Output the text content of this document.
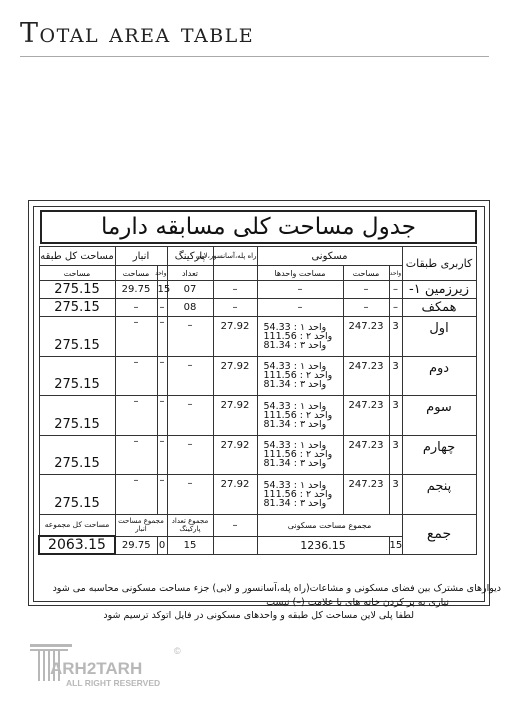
Total area table
جدول مساحت کلی مسابقه دارما
مساحت کل طبقه	انبار		پارکینگ	راه پله،آسانسور،لابی	مسکونی			کاربری طبقات
مساحت	مساحت	واحد	تعداد		مساحت واحدها	مساحت	واحد	
275.15	29.75	15	07	–	–	–	–	زیرزمین ۱-
275.15	–	–	08	–	–	–	–	همکف
275.15	–	–	–	27.92	واحد ۱ : 54.33
واحد ۲ : 111.56
واحد ۳ : 81.34	247.23	3	اول
275.15	–	–	–	27.92	واحد ۱ : 54.33
واحد ۲ : 111.56
واحد ۳ : 81.34	247.23	3	دوم
275.15	–	–	–	27.92	واحد ۱ : 54.33
واحد ۲ : 111.56
واحد ۳ : 81.34	247.23	3	سوم
275.15	–	–	–	27.92	واحد ۱ : 54.33
واحد ۲ : 111.56
واحد ۳ : 81.34	247.23	3	چهارم
275.15	–	–	–	27.92	واحد ۱ : 54.33
واحد ۲ : 111.56
واحد ۳ : 81.34	247.23	3	پنجم
مساحت کل مجموعه	مجموع مساحت انبار		مجموع تعداد پارکینگ	–	مجموع مساحت مسکونی			جمع
2063.15	29.75	0	15		1236.15		15	
دیوارهای مشترک بین فضای مسکونی و مشاعات(راه پله،آسانسور و لابی) جزء مساحت مسکونی محاسبه می شود
نیازی به پر کردن خانه های با علامت (–) نیست
لطفا پلی لاین مساحت کل طبقه و واحدهای مسکونی در فایل اتوکد ترسیم شود
ARH2TARH
©
ALL RIGHT RESERVED
